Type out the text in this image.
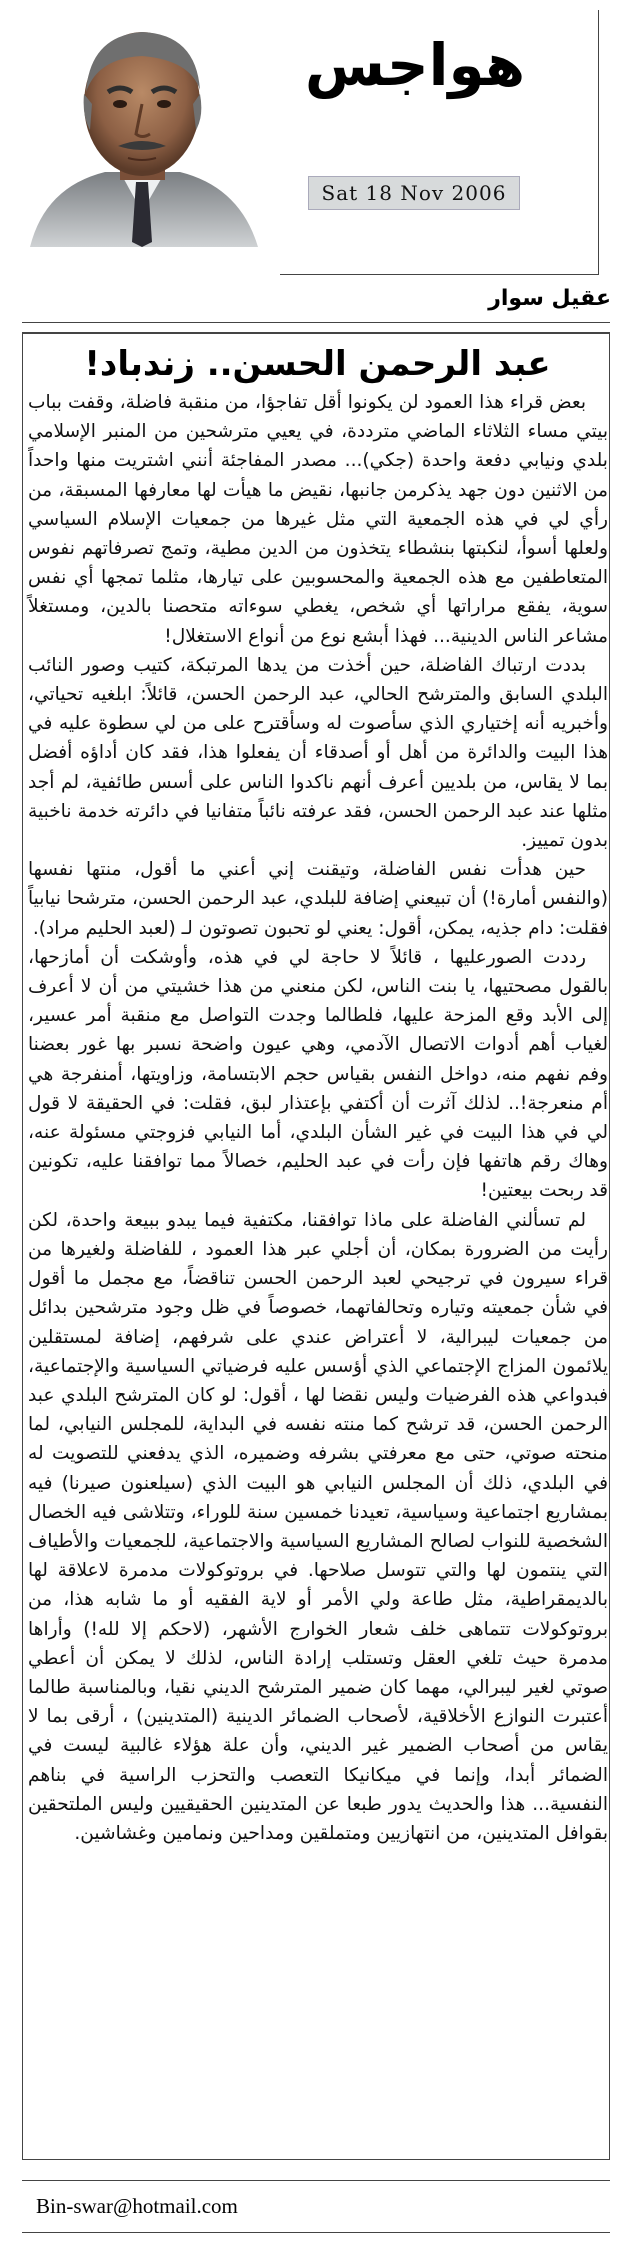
هواجس
Sat 18 Nov 2006
عقيل سوار
عبد الرحمن الحسن.. زندباد!

بعض قراء هذا العمود لن يكونوا أقل تفاجؤا، من منقبة فاضلة، وقفت بباب بيتي مساء الثلاثاء الماضي مترددة، في يعيي مترشحين من المنبر الإسلامي بلدي ونيابي دفعة واحدة (جكي)... مصدر المفاجئة أنني اشتريت منها واحداً من الاثنين دون جهد يذكرمن جانبها، نقيض ما هيأت لها معارفها المسبقة، من رأي لي في هذه الجمعية التي مثل غيرها من جمعيات الإسلام السياسي ولعلها أسوأ، لنكبتها بنشطاء يتخذون من الدين مطية، وتمج تصرفاتهم نفوس المتعاطفين مع هذه الجمعية والمحسوبين على تيارها، مثلما تمجها أي نفس سوية، يفقع مراراتها أي شخص، يغطي سوءاته متحصنا بالدين، ومستغلاً مشاعر الناس الدينية... فهذا أبشع نوع من أنواع الاستغلال!

بددت ارتباك الفاضلة، حين أخذت من يدها المرتبكة، كتيب وصور النائب البلدي السابق والمترشح الحالي، عبد الرحمن الحسن، قائلاً: ابلغيه تحياتي، وأخبريه أنه إختياري الذي سأصوت له وسأقترح على من لي سطوة عليه في هذا البيت والدائرة من أهل أو أصدقاء أن يفعلوا هذا، فقد كان أداؤه أفضل بما لا يقاس، من بلديين أعرف أنهم ناكدوا الناس على أسس طائفية، لم أجد مثلها عند عبد الرحمن الحسن، فقد عرفته نائباً متفانيا في دائرته خدمة ناخبية بدون تمييز.

حين هدأت نفس الفاضلة، وتيقنت إني أعني ما أقول، منتها نفسها (والنفس أمارة!) أن تبيعني إضافة للبلدي، عبد الرحمن الحسن، مترشحا نيابياً فقلت: دام جذيه، يمكن، أقول: يعني لو تحبون تصوتون لـ (لعبد الحليم مراد).

رددت الصورعليها ، قائلاً لا حاجة لي في هذه، وأوشكت أن أمازحها، بالقول مصحتيها، يا بنت الناس، لكن منعني من هذا خشيتي من أن لا أعرف إلى الأبد وقع المزحة عليها، فلطالما وجدت التواصل مع منقبة أمر عسير، لغياب أهم أدوات الاتصال الآدمي، وهي عيون واضحة نسبر بها غور بعضنا وفم نفهم منه، دواخل النفس بقياس حجم الابتسامة، وزاويتها، أمنفرجة هي أم منعرجة!.. لذلك آثرت أن أكتفي بإعتذار لبق، فقلت: في الحقيقة لا قول لي في هذا البيت في غير الشأن البلدي، أما النيابي فزوجتي مسئولة عنه، وهاك رقم هاتفها فإن رأت في عبد الحليم، خصالاً مما توافقنا عليه، تكونين قد ربحت بيعتين!

لم تسألني الفاضلة على ماذا توافقنا، مكتفية فيما يبدو ببيعة واحدة، لكن رأيت من الضرورة بمكان، أن أجلي عبر هذا العمود ، للفاضلة ولغيرها من قراء سيرون في ترجيحي لعبد الرحمن الحسن تناقضاً، مع مجمل ما أقول في شأن جمعيته وتياره وتحالفاتهما، خصوصاً في ظل وجود مترشحين بدائل من جمعيات ليبرالية، لا أعتراض عندي على شرفهم، إضافة لمستقلين يلائمون المزاج الإجتماعي الذي أؤسس عليه فرضياتي السياسية والإجتماعية، فبدواعي هذه الفرضيات وليس نقضا لها ، أقول: لو كان المترشح البلدي عبد الرحمن الحسن، قد ترشح كما منته نفسه في البداية، للمجلس النيابي، لما منحته صوتي، حتى مع معرفتي بشرفه وضميره، الذي يدفعني للتصويت له في البلدي، ذلك أن المجلس النيابي هو البيت الذي (سيلعنون صيرنا) فيه بمشاريع اجتماعية وسياسية، تعيدنا خمسين سنة للوراء، وتتلاشى فيه الخصال الشخصية للنواب لصالح المشاريع السياسية والاجتماعية، للجمعيات والأطياف التي ينتمون لها والتي تتوسل صلاحها. في بروتوكولات مدمرة لاعلاقة لها بالديمقراطية، مثل طاعة ولي الأمر أو لاية الفقيه أو ما شابه هذا، من بروتوكولات تتماهى خلف شعار الخوارج الأشهر، (لاحكم إلا لله!) وأراها مدمرة حيث تلغي العقل وتستلب إرادة الناس، لذلك لا يمكن أن أعطي صوتي لغير ليبرالي، مهما كان ضمير المترشح الديني نقيا، وبالمناسبة طالما أعتبرت النوازع الأخلاقية، لأصحاب الضمائر الدينية (المتدينين) ، أرقى بما لا يقاس من أصحاب الضمير غير الديني، وأن علة هؤلاء غالبية ليست في الضمائر أبدا، وإنما في ميكانيكا التعصب والتحزب الراسية في بناهم النفسية... هذا والحديث يدور طبعا عن المتدينين الحقيقيين وليس الملتحقين بقوافل المتدينين، من انتهازيين ومتملقين ومداحين ونمامين وغشاشين.

Bin-swar@hotmail.com
